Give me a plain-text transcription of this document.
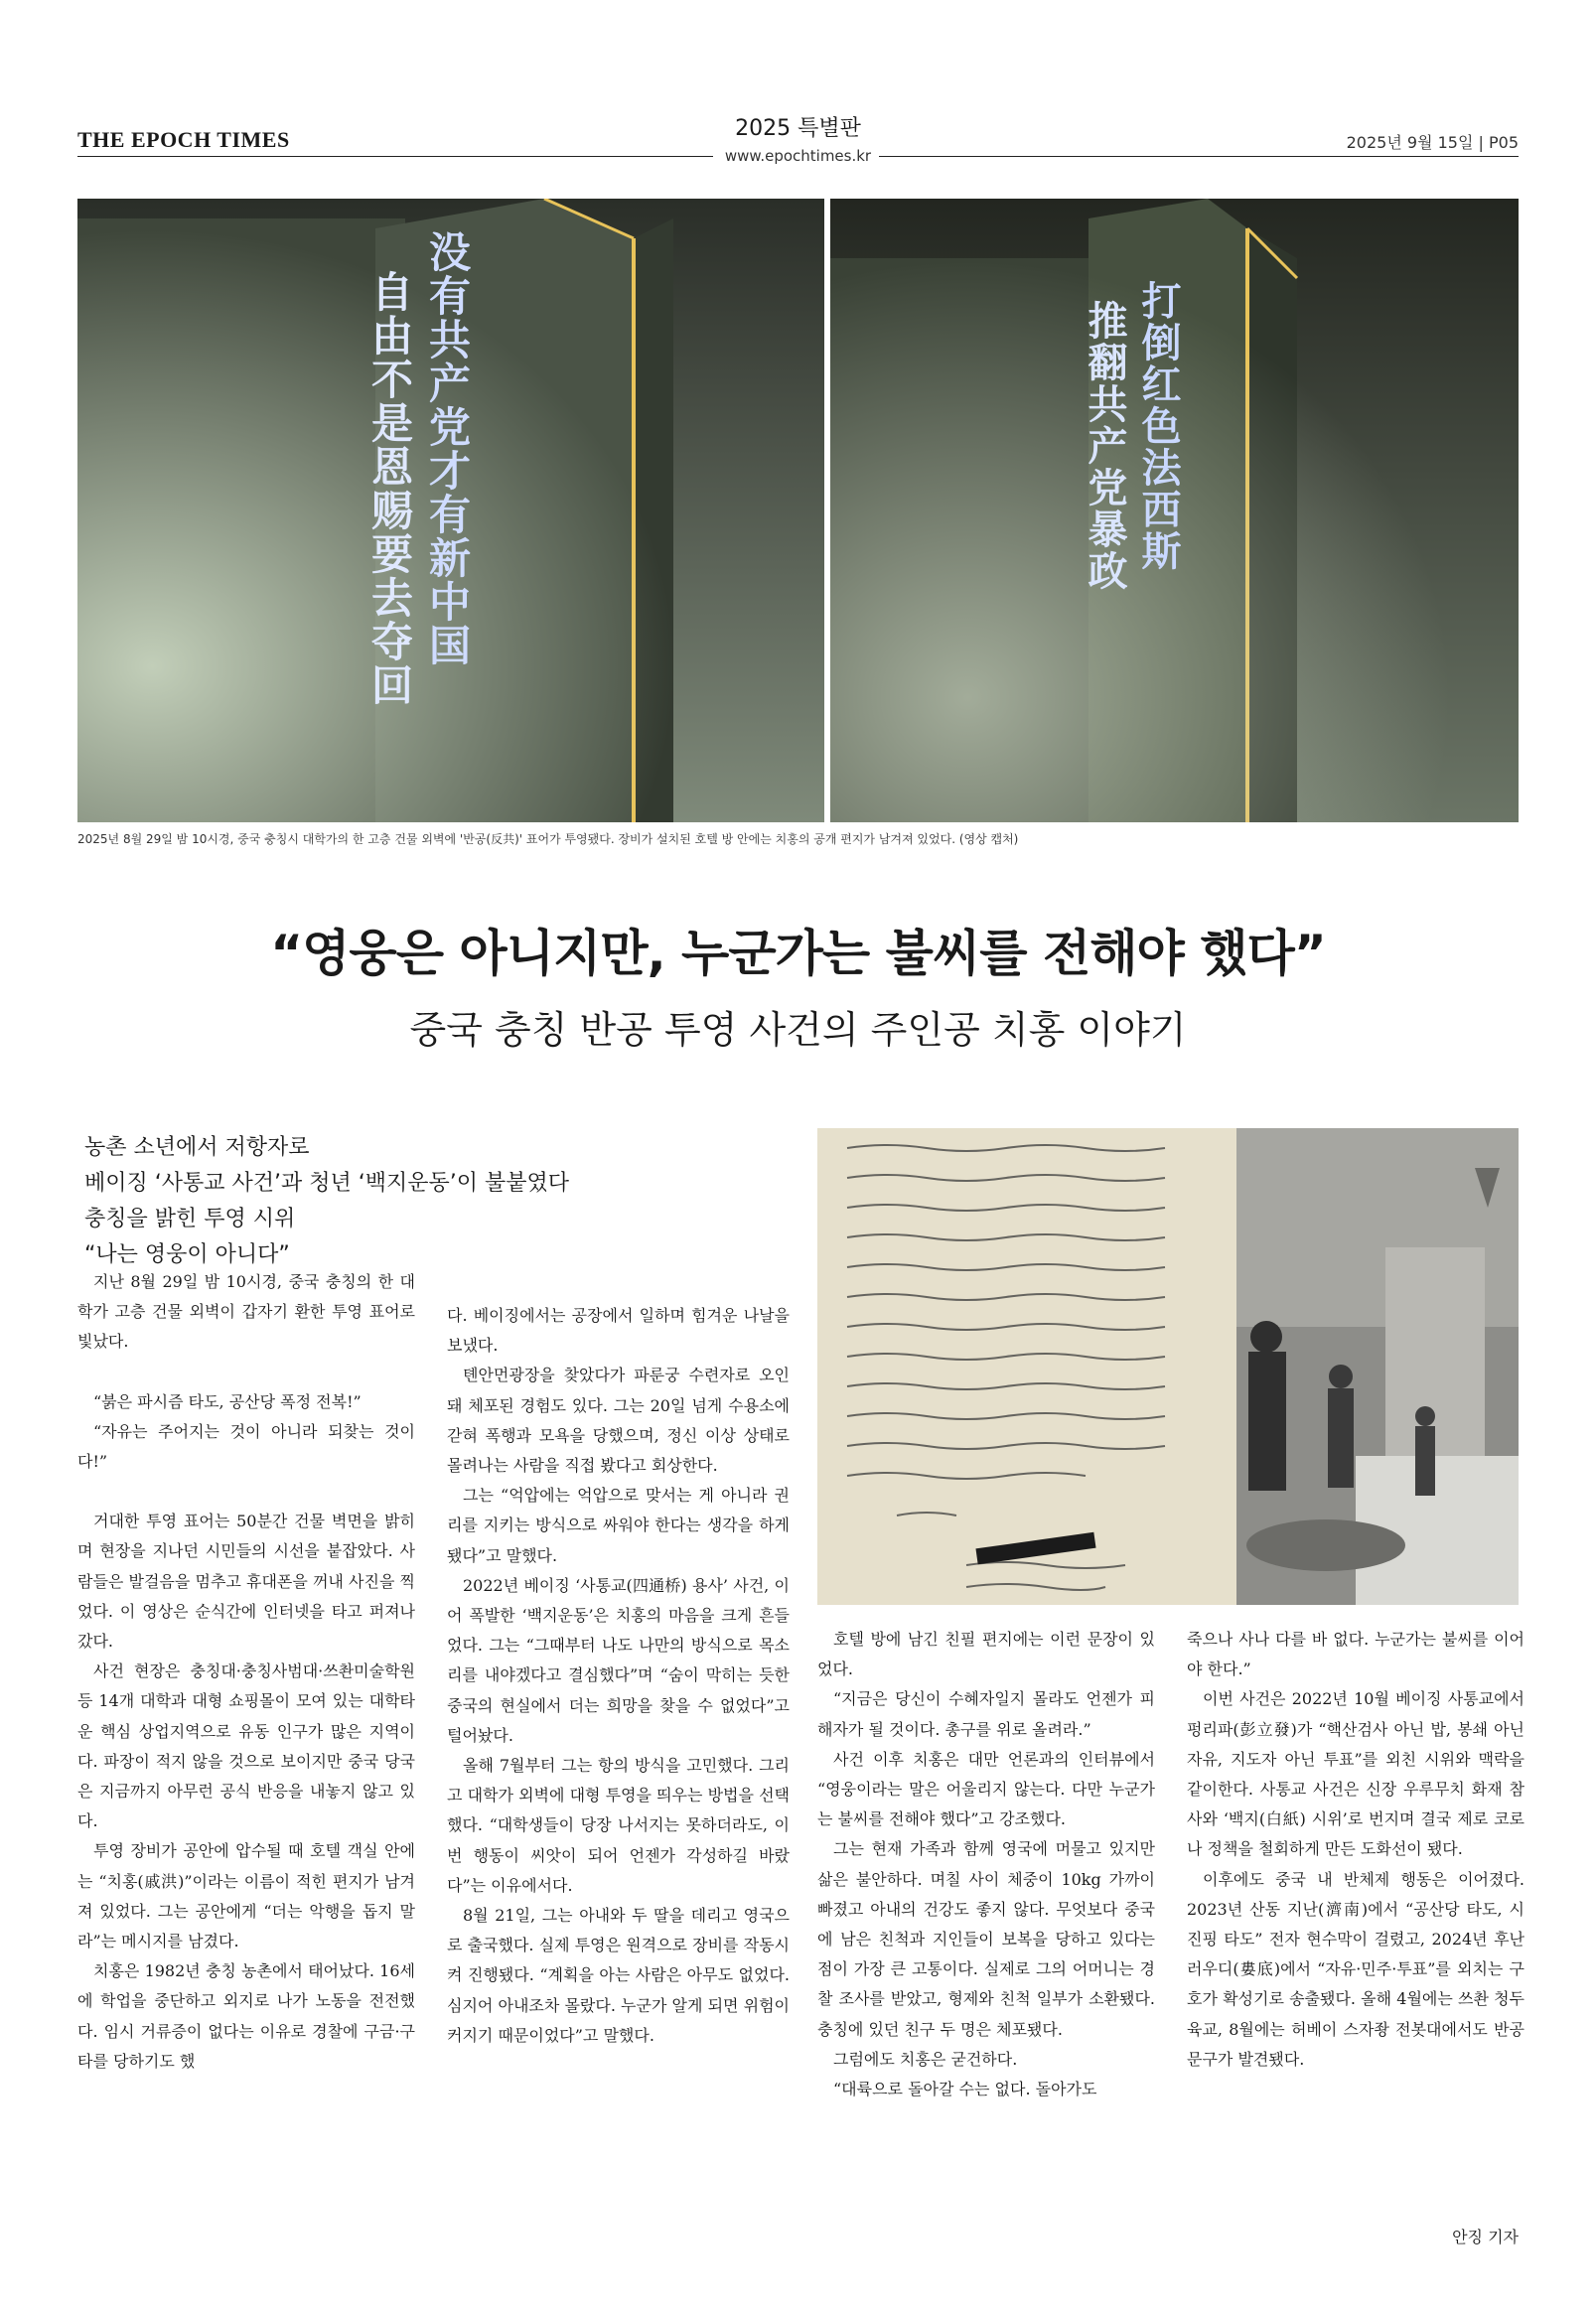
THE EPOCH TIMES	2025 특별판
www.epochtimes.kr
2025년 9월 15일 | P05
没有共产党才有新中国
自由不是恩赐要去夺回	打倒红色法西斯
推翻共产党暴政
2025년 8월 29일 밤 10시경, 중국 충칭시 대학가의 한 고층 건물 외벽에 '반공(反共)' 표어가 투영됐다. 장비가 설치된 호텔 방 안에는 치홍의 공개 편지가 남겨져 있었다. (영상 캡처)
“영웅은 아니지만, 누군가는 불씨를 전해야 했다”
중국 충칭 반공 투영 사건의 주인공 치홍 이야기
농촌 소년에서 저항자로
베이징 ‘사통교 사건’과 청년 ‘백지운동’이 불붙였다
충칭을 밝힌 투영 시위
“나는 영웅이 아니다”

지난 8월 29일 밤 10시경, 중국 충칭의 한 대학가 고층 건물 외벽이 갑자기 환한 투영 표어로 빛났다.

“붉은 파시즘 타도, 공산당 폭정 전복!”

“자유는 주어지는 것이 아니라 되찾는 것이다!”

거대한 투영 표어는 50분간 건물 벽면을 밝히며 현장을 지나던 시민들의 시선을 붙잡았다. 사람들은 발걸음을 멈추고 휴대폰을 꺼내 사진을 찍었다. 이 영상은 순식간에 인터넷을 타고 퍼져나갔다.

사건 현장은 충칭대·충칭사범대·쓰촨미술학원 등 14개 대학과 대형 쇼핑몰이 모여 있는 대학타운 핵심 상업지역으로 유동 인구가 많은 지역이다. 파장이 적지 않을 것으로 보이지만 중국 당국은 지금까지 아무런 공식 반응을 내놓지 않고 있다.

투영 장비가 공안에 압수될 때 호텔 객실 안에는 “치홍(戚洪)”이라는 이름이 적힌 편지가 남겨져 있었다. 그는 공안에게 “더는 악행을 돕지 말라”는 메시지를 남겼다.

치홍은 1982년 충칭 농촌에서 태어났다. 16세에 학업을 중단하고 외지로 나가 노동을 전전했다. 임시 거류증이 없다는 이유로 경찰에 구금·구타를 당하기도 했

다. 베이징에서는 공장에서 일하며 힘겨운 나날을 보냈다.

톈안먼광장을 찾았다가 파룬궁 수련자로 오인돼 체포된 경험도 있다. 그는 20일 넘게 수용소에 갇혀 폭행과 모욕을 당했으며, 정신 이상 상태로 몰려나는 사람을 직접 봤다고 회상한다.

그는 “억압에는 억압으로 맞서는 게 아니라 권리를 지키는 방식으로 싸워야 한다는 생각을 하게 됐다”고 말했다.

2022년 베이징 ‘사통교(四通桥) 용사’ 사건, 이어 폭발한 ‘백지운동’은 치홍의 마음을 크게 흔들었다. 그는 “그때부터 나도 나만의 방식으로 목소리를 내야겠다고 결심했다”며 “숨이 막히는 듯한 중국의 현실에서 더는 희망을 찾을 수 없었다”고 털어놨다.

올해 7월부터 그는 항의 방식을 고민했다. 그리고 대학가 외벽에 대형 투영을 띄우는 방법을 선택했다. “대학생들이 당장 나서지는 못하더라도, 이번 행동이 씨앗이 되어 언젠가 각성하길 바랐다”는 이유에서다.

8월 21일, 그는 아내와 두 딸을 데리고 영국으로 출국했다. 실제 투영은 원격으로 장비를 작동시켜 진행됐다. “계획을 아는 사람은 아무도 없었다. 심지어 아내조차 몰랐다. 누군가 알게 되면 위험이 커지기 때문이었다”고 말했다.

호텔 방에 남긴 친필 편지에는 이런 문장이 있었다.

“지금은 당신이 수혜자일지 몰라도 언젠가 피해자가 될 것이다. 총구를 위로 올려라.”

사건 이후 치홍은 대만 언론과의 인터뷰에서 “영웅이라는 말은 어울리지 않는다. 다만 누군가는 불씨를 전해야 했다”고 강조했다.

그는 현재 가족과 함께 영국에 머물고 있지만 삶은 불안하다. 며칠 사이 체중이 10kg 가까이 빠졌고 아내의 건강도 좋지 않다. 무엇보다 중국에 남은 친척과 지인들이 보복을 당하고 있다는 점이 가장 큰 고통이다. 실제로 그의 어머니는 경찰 조사를 받았고, 형제와 친척 일부가 소환됐다. 충칭에 있던 친구 두 명은 체포됐다.

그럼에도 치홍은 굳건하다.

“대륙으로 돌아갈 수는 없다. 돌아가도

죽으나 사나 다를 바 없다. 누군가는 불씨를 이어야 한다.”

이번 사건은 2022년 10월 베이징 사통교에서 펑리파(彭立發)가 “핵산검사 아닌 밥, 봉쇄 아닌 자유, 지도자 아닌 투표”를 외친 시위와 맥락을 같이한다. 사통교 사건은 신장 우루무치 화재 참사와 ‘백지(白紙) 시위’로 번지며 결국 제로 코로나 정책을 철회하게 만든 도화선이 됐다.

이후에도 중국 내 반체제 행동은 이어졌다. 2023년 산동 지난(濟南)에서 “공산당 타도, 시진핑 타도” 전자 현수막이 걸렸고, 2024년 후난 러우디(婁底)에서 “자유·민주·투표”를 외치는 구호가 확성기로 송출됐다. 올해 4월에는 쓰촨 청두 육교, 8월에는 허베이 스자좡 전봇대에서도 반공 문구가 발견됐다.

안징 기자
